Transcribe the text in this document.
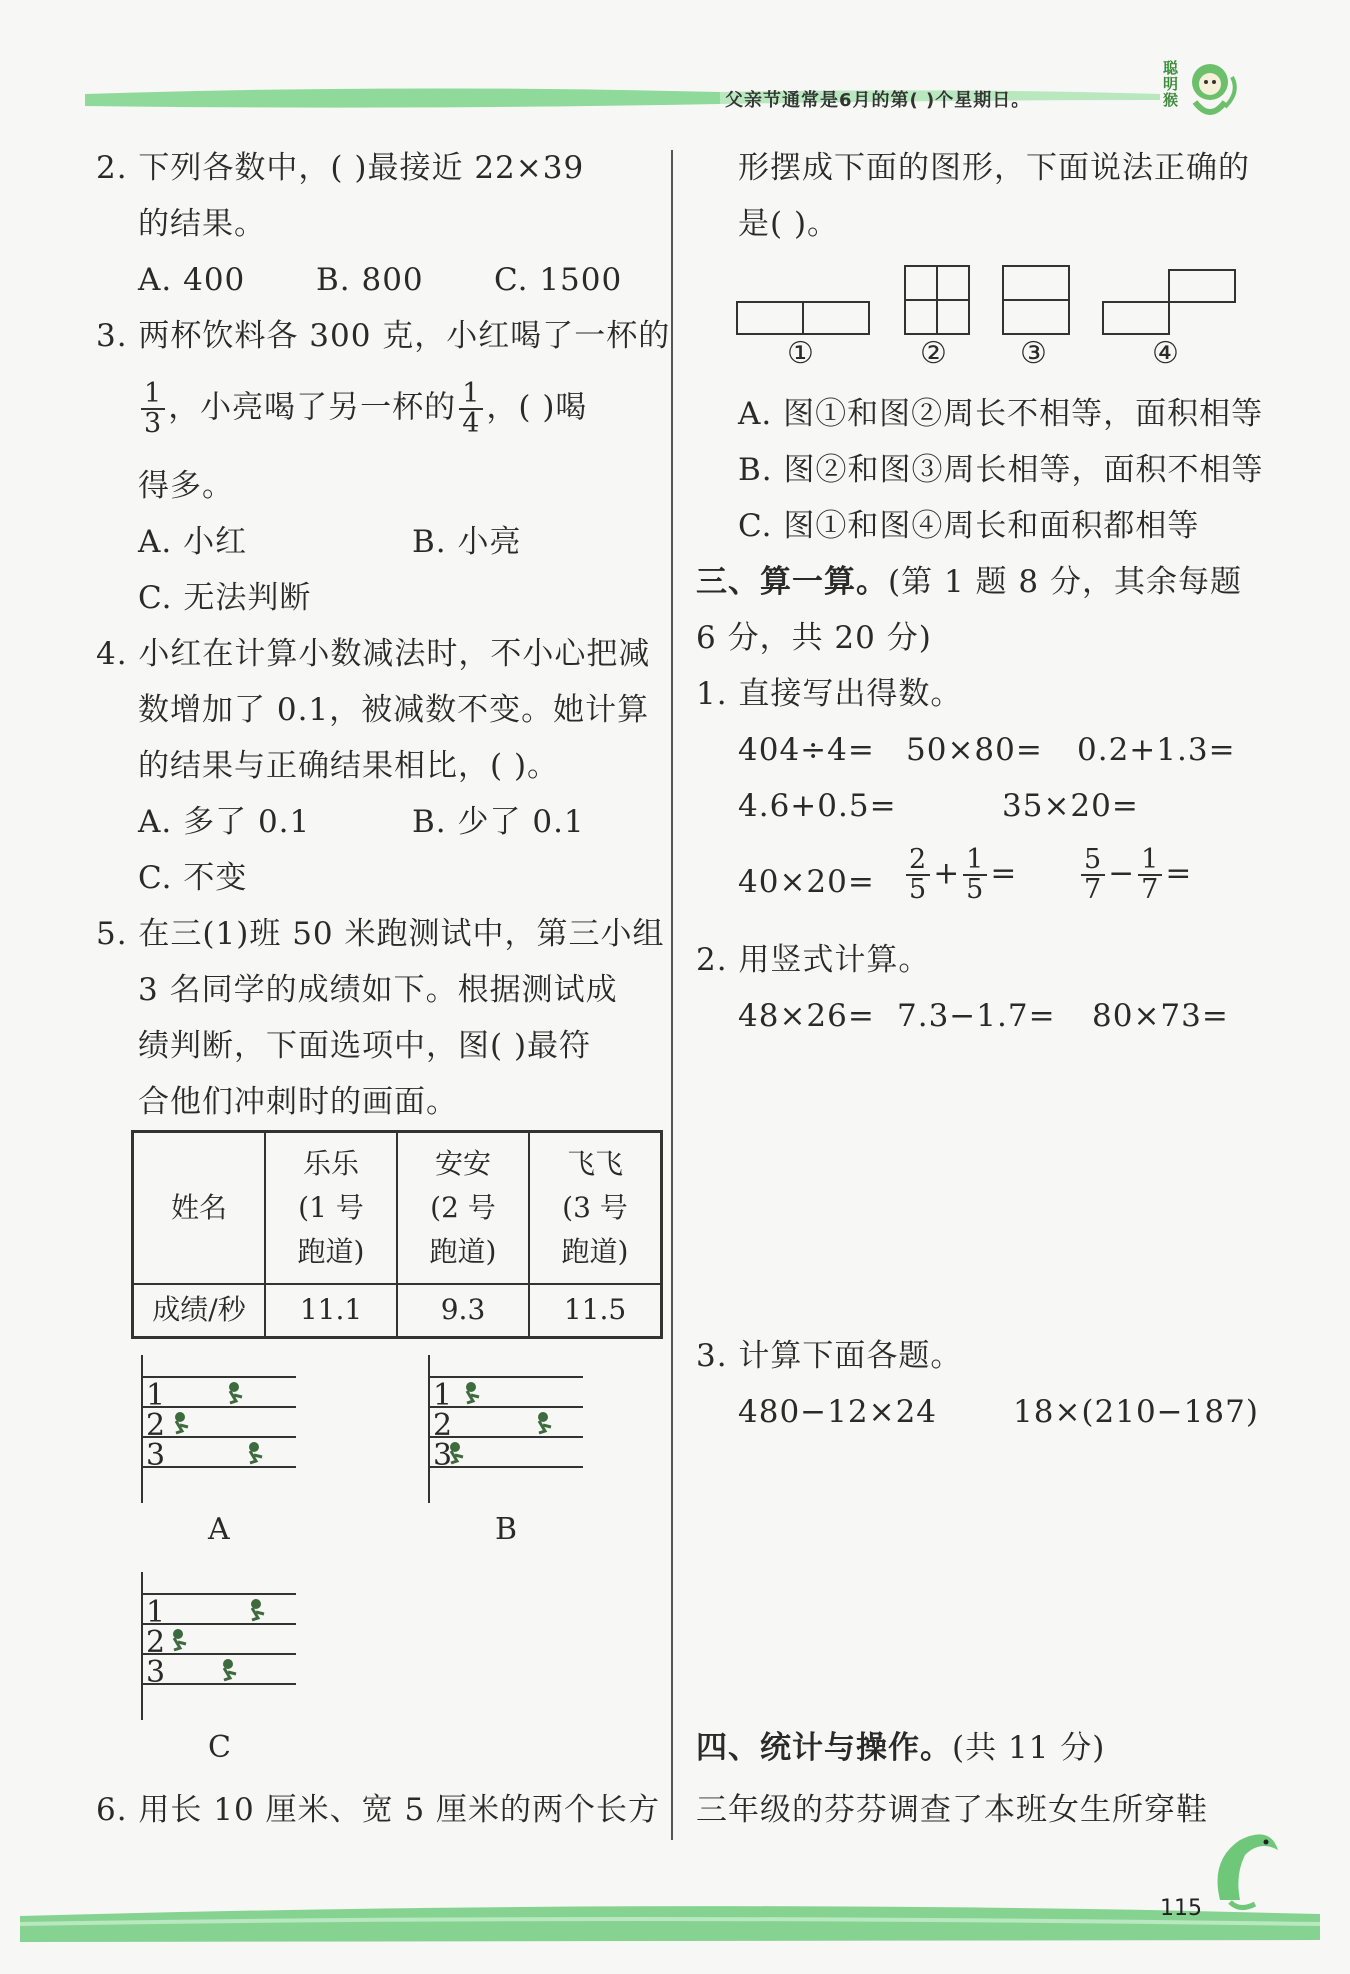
父亲节通常是6月的第( )个星期日。
聪明猴
2. 下列各数中，( )最接近 22×39
的结果。
A. 400 B. 800 C. 1500
3. 两杯饮料各 300 克，小红喝了一杯的
$\frac{1}{3}$ ，小亮喝了另一杯的 $\frac{1}{4}$ ，( )喝
得多。
A. 小红	B. 小亮
C. 无法判断
4. 小红在计算小数减法时，不小心把减
数增加了 0.1，被减数不变。她计算
的结果与正确结果相比，( )。
A. 多了 0.1	B. 少了 0.1
C. 不变
5. 在三(1)班 50 米跑测试中，第三小组
3 名同学的成绩如下。根据测试成
绩判断，下面选项中，图( )最符
合他们冲刺时的画面。
姓名	乐乐
(1 号
跑道)	安安
(2 号
跑道)	飞飞
(3 号
跑道)
成绩/秒	11.1	9.3	11.5
1
2
3
A
1
2
3
B
1
2
3
C
6. 用长 10 厘米、宽 5 厘米的两个长方
形摆成下面的图形，下面说法正确的
是( )。
①	② ③	④
A. 图①和图②周长不相等，面积相等
B. 图②和图③周长相等，面积不相等
C. 图①和图④周长和面积都相等
三、算一算。(第 1 题 8 分，其余每题
6 分，共 20 分)
1. 直接写出得数。
404÷4= 50×80= 0.2+1.3=
4.6+0.5=	35×20=
$40\times 20= \frac{2}{5} + \frac{1}{5} = \frac{5}{7} - \frac{1}{7}$ =
2. 用竖式计算。
48×26= 7.3−1.7= 80×73=
3. 计算下面各题。
480−12×24 18×(210−187)
四、统计与操作。(共 11 分)
三年级的芬芬调查了本班女生所穿鞋
115
